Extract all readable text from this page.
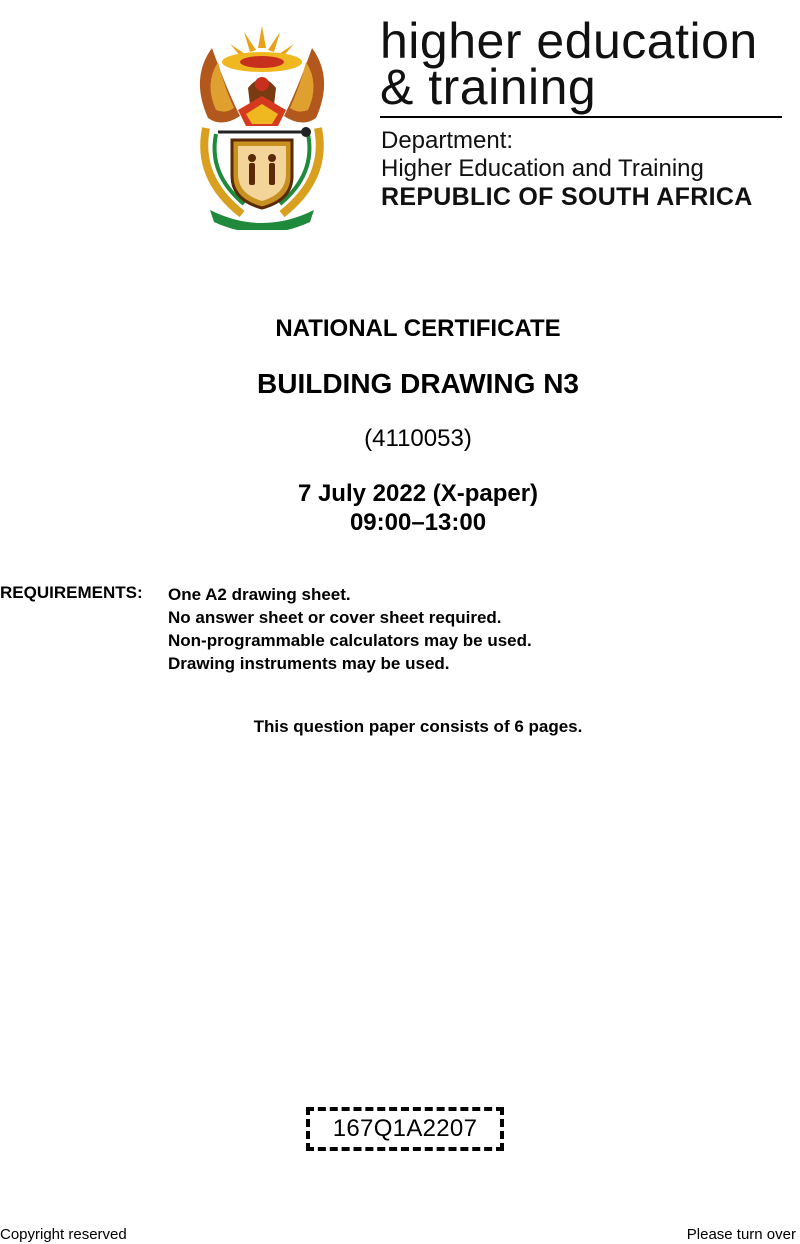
higher education
& training
Department:
Higher Education and Training
REPUBLIC OF SOUTH AFRICA
NATIONAL CERTIFICATE
BUILDING DRAWING N3
(4110053)
7 July 2022 (X-paper)
09:00–13:00
REQUIREMENTS: One A2 drawing sheet.
No answer sheet or cover sheet required.
Non-programmable calculators may be used.
Drawing instruments may be used.
This question paper consists of 6 pages.
167Q1A2207
Copyright reserved	Please turn over
